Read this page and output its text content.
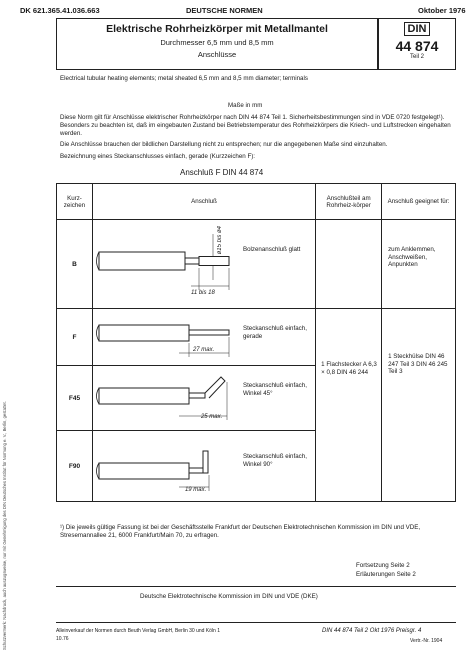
Schutzvermerk: Nachdruck, auch auszugsweise, nur mit Genehmigung des DIN Deutsches Institut für Normung e. V., Berlin, gestattet.
DK 621.365.41.036.663	DEUTSCHE NORMEN	Oktober 1976
Elektrische Rohrheizkörper mit Metallmantel
Durchmesser 6,5 mm und 8,5 mm
Anschlüsse
DIN
44 874
Teil 2
Electrical tubular heating elements; metal sheated 6,5 mm and 8,5 mm diameter; terminals
Maße in mm
Diese Norm gilt für Anschlüsse elektrischer Rohrheizkörper nach DIN 44 874 Teil 1. Sicherheitsbestimmungen sind in VDE 0720 festgelegt¹). Besonders zu beachten ist, daß im eingebauten Zustand bei Betriebstemperatur des Rohrheizkörpers die Kriech- und Luftstrecken eingehalten werden.
Die Anschlüsse brauchen der bildlichen Darstellung nicht zu entsprechen; nur die angegebenen Maße sind einzuhalten.
Bezeichnung eines Steckanschlusses einfach, gerade (Kurzzeichen F):
Anschluß F DIN 44 874
Kurz-zeichen	Anschluß	Anschlußteil am Rohrheiz-körper	Anschluß geeignet für:
B	ø15 bis ø4
11 bis 18
Bolzenanschluß glatt		zum Anklemmen, Anschweißen, Anpunkten

F	27 max.
Steckanschluß einfach, gerade	1 Flachstecker A 6,3 × 0,8 DIN 46 244	1 Steckhülse DIN 46 247 Teil 3 DIN 46 245 Teil 3

F45	25 max.
Steckanschluß einfach, Winkel 45°		

F90	19 max.
Steckanschluß einfach, Winkel 90°		
¹) Die jeweils gültige Fassung ist bei der Geschäftsstelle Frankfurt der Deutschen Elektrotechnischen Kommission im DIN und VDE, Stresemannallee 21, 6000 Frankfurt/Main 70, zu erfragen.
Fortsetzung Seite 2
Erläuterungen Seite 2
Deutsche Elektrotechnische Kommission im DIN und VDE (DKE)
Alleinverkauf der Normen durch Beuth Verlag GmbH, Berlin 30 und Köln 1
10.76
DIN 44 874 Teil 2 Okt 1976 Preisgr. 4
Vertr.-Nr. 1904
